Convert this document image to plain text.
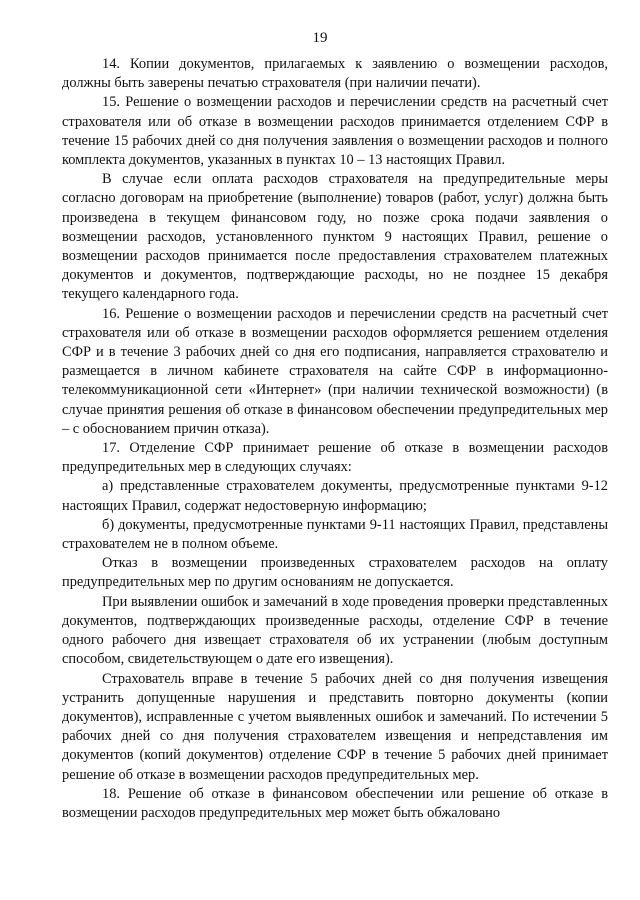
19

14. Копии документов, прилагаемых к заявлению о возмещении расходов, должны быть заверены печатью страхователя (при наличии печати).

15. Решение о возмещении расходов и перечислении средств на расчетный счет страхователя или об отказе в возмещении расходов принимается отделением СФР в течение 15 рабочих дней со дня получения заявления о возмещении расходов и полного комплекта документов, указанных в пунктах 10 – 13 настоящих Правил.

В случае если оплата расходов страхователя на предупредительные меры согласно договорам на приобретение (выполнение) товаров (работ, услуг) должна быть произведена в текущем финансовом году, но позже срока подачи заявления о возмещении расходов, установленного пунктом 9 настоящих Правил, решение о возмещении расходов принимается после предоставления страхователем платежных документов и документов, подтверждающие расходы, но не позднее 15 декабря текущего календарного года.

16. Решение о возмещении расходов и перечислении средств на расчетный счет страхователя или об отказе в возмещении расходов оформляется решением отделения СФР и в течение 3 рабочих дней со дня его подписания, направляется страхователю и размещается в личном кабинете страхователя на сайте СФР в информационно-телекоммуникационной сети «Интернет» (при наличии технической возможности) (в случае принятия решения об отказе в финансовом обеспечении предупредительных мер – с обоснованием причин отказа).

17. Отделение СФР принимает решение об отказе в возмещении расходов предупредительных мер в следующих случаях:

а) представленные страхователем документы, предусмотренные пунктами 9-12 настоящих Правил, содержат недостоверную информацию;

б) документы, предусмотренные пунктами 9-11 настоящих Правил, представлены страхователем не в полном объеме.

Отказ в возмещении произведенных страхователем расходов на оплату предупредительных мер по другим основаниям не допускается.

При выявлении ошибок и замечаний в ходе проведения проверки представленных документов, подтверждающих произведенные расходы, отделение СФР в течение одного рабочего дня извещает страхователя об их устранении (любым доступным способом, свидетельствующем о дате его извещения).

Страхователь вправе в течение 5 рабочих дней со дня получения извещения устранить допущенные нарушения и представить повторно документы (копии документов), исправленные с учетом выявленных ошибок и замечаний. По истечении 5 рабочих дней со дня получения страхователем извещения и непредставления им документов (копий документов) отделение СФР в течение 5 рабочих дней принимает решение об отказе в возмещении расходов предупредительных мер.

18. Решение об отказе в финансовом обеспечении или решение об отказе в возмещении расходов предупредительных мер может быть обжаловано
